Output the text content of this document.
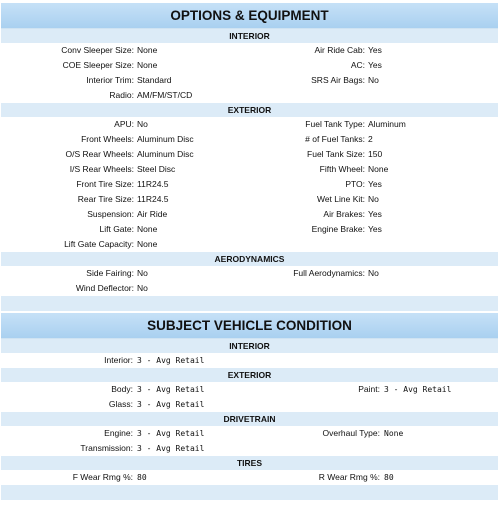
OPTIONS & EQUIPMENT
INTERIOR
Conv Sleeper Size: None	Air Ride Cab: Yes
COE Sleeper Size: None	AC: Yes
Interior Trim: Standard	SRS Air Bags: No
Radio: AM/FM/ST/CD
EXTERIOR
APU: No	Fuel Tank Type: Aluminum
Front Wheels: Aluminum Disc	# of Fuel Tanks: 2
O/S Rear Wheels: Aluminum Disc	Fuel Tank Size: 150
I/S Rear Wheels: Steel Disc	Fifth Wheel: None
Front Tire Size: 11R24.5	PTO: Yes
Rear Tire Size: 11R24.5	Wet Line Kit: No
Suspension: Air Ride	Air Brakes: Yes
Lift Gate: None	Engine Brake: Yes
Lift Gate Capacity: None
AERODYNAMICS
Side Fairing: No	Full Aerodynamics: No
Wind Deflector: No
SUBJECT VEHICLE CONDITION
INTERIOR
Interior: 3 - Avg Retail
EXTERIOR
Body: 3 - Avg Retail	Paint: 3 - Avg Retail
Glass: 3 - Avg Retail
DRIVETRAIN
Engine: 3 - Avg Retail	Overhaul Type: None
Transmission: 3 - Avg Retail
TIRES
F Wear Rmg %: 80	R Wear Rmg %: 80
